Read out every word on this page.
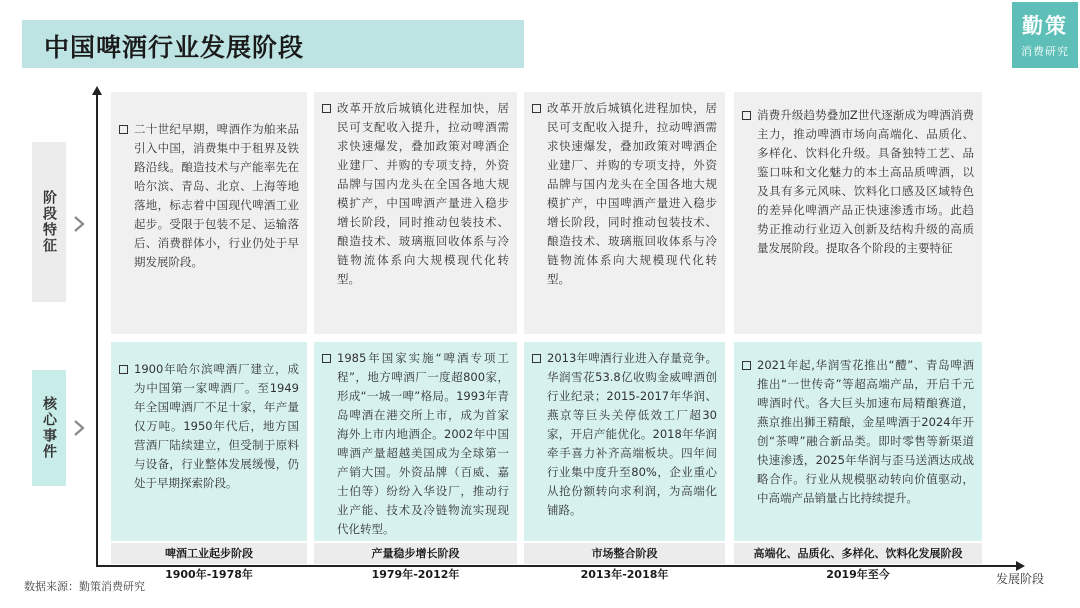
中国啤酒行业发展阶段
勤策
消费研究
发展阶段
阶段特征
核心事件
二十世纪早期，啤酒作为舶来品引入中国，消费集中于租界及铁路沿线。酿造技术与产能率先在哈尔滨、青岛、北京、上海等地落地，标志着中国现代啤酒工业起步。受限于包装不足、运输落后、消费群体小，行业仍处于早期发展阶段。
改革开放后城镇化进程加快，居民可支配收入提升，拉动啤酒需求快速爆发，叠加政策对啤酒企业建厂、并购的专项支持，外资品牌与国内龙头在全国各地大规模扩产，中国啤酒产量进入稳步增长阶段，同时推动包装技术、酿造技术、玻璃瓶回收体系与冷链物流体系向大规模现代化转型。
改革开放后城镇化进程加快，居民可支配收入提升，拉动啤酒需求快速爆发，叠加政策对啤酒企业建厂、并购的专项支持，外资品牌与国内龙头在全国各地大规模扩产，中国啤酒产量进入稳步增长阶段，同时推动包装技术、酿造技术、玻璃瓶回收体系与冷链物流体系向大规模现代化转型。
消费升级趋势叠加Z世代逐渐成为啤酒消费主力，推动啤酒市场向高端化、品质化、多样化、饮料化升级。具备独特工艺、品鉴口味和文化魅力的本土高品质啤酒，以及具有多元风味、饮料化口感及区域特色的差异化啤酒产品正快速渗透市场。此趋势正推动行业迈入创新及结构升级的高质量发展阶段。提取各个阶段的主要特征
1900年哈尔滨啤酒厂建立，成为中国第一家啤酒厂。至1949年全国啤酒厂不足十家，年产量仅万吨。1950年代后，地方国营酒厂陆续建立，但受制于原料与设备，行业整体发展缓慢，仍处于早期探索阶段。
1985年国家实施“啤酒专项工程”，地方啤酒厂一度超800家，形成“一城一啤”格局。1993年青岛啤酒在港交所上市，成为首家海外上市内地酒企。2002年中国啤酒产量超越美国成为全球第一产销大国。外资品牌（百威、嘉士伯等）纷纷入华设厂，推动行业产能、技术及冷链物流实现现代化转型。
2013年啤酒行业进入存量竞争。华润雪花53.8亿收购金威啤酒创行业纪录；2015-2017年华润、燕京等巨头关停低效工厂超30家，开启产能优化。2018年华润牵手喜力补齐高端板块。四年间行业集中度升至80%，企业重心从抢份额转向求利润，为高端化铺路。
2021年起,华润雪花推出“醴”、青岛啤酒推出“一世传奇”等超高端产品，开启千元啤酒时代。各大巨头加速布局精酿赛道，燕京推出狮王精酿，金星啤酒于2024年开创“茶啤”融合新品类。即时零售等新渠道快速渗透，2025年华润与歪马送酒达成战略合作。行业从规模驱动转向价值驱动，中高端产品销量占比持续提升。
啤酒工业起步阶段	产量稳步增长阶段	市场整合阶段	高端化、品质化、多样化、饮料化发展阶段
1900年-1978年	1979年-2012年	2013年-2018年	2019年至今
数据来源：勤策消费研究
